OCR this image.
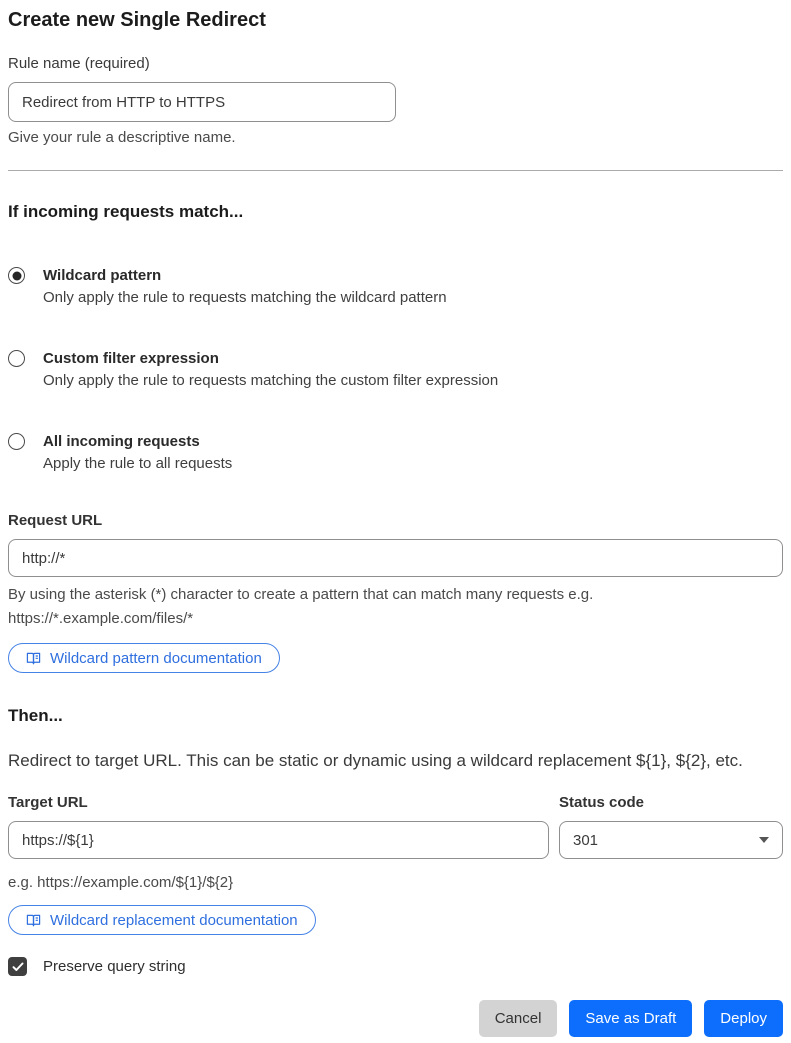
Create new Single Redirect
Rule name (required)
Redirect from HTTP to HTTPS
Give your rule a descriptive name.
If incoming requests match...
Wildcard pattern
Only apply the rule to requests matching the wildcard pattern
Custom filter expression
Only apply the rule to requests matching the custom filter expression
All incoming requests
Apply the rule to all requests
Request URL
http://*
By using the asterisk (*) character to create a pattern that can match many requests e.g.
https://*.example.com/files/*
Wildcard pattern documentation
Then...
Redirect to target URL. This can be static or dynamic using a wildcard replacement ${1}, ${2}, etc.
Target URL
https://${1}
Status code
301
e.g. https://example.com/${1}/${2}
Wildcard replacement documentation
Preserve query string
Cancel	Save as Draft	Deploy
